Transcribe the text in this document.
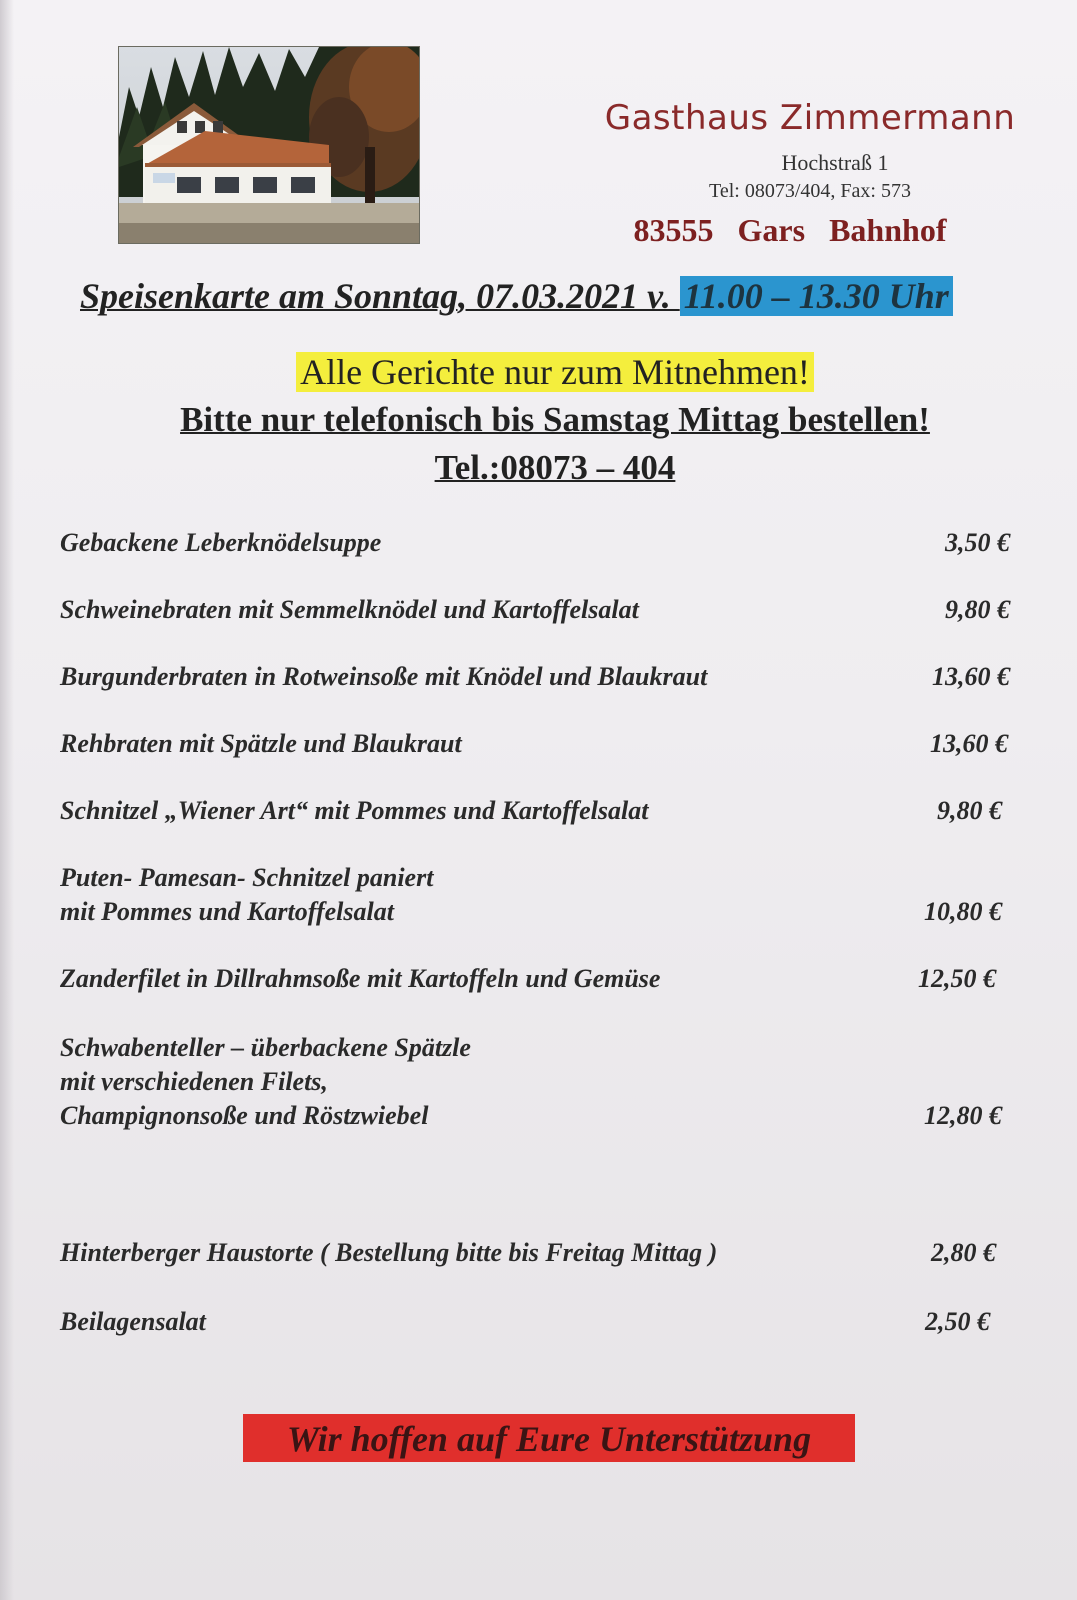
Gasthaus Zimmermann
Hochstraß 1
Tel: 08073/404, Fax: 573
83555 Gars Bahnhof
Speisenkarte am Sonntag, 07.03.2021 v. 11.00 – 13.30 Uhr
Alle Gerichte nur zum Mitnehmen!
Bitte nur telefonisch bis Samstag Mittag bestellen!
Tel.:08073 – 404
Gebackene Leberknödelsuppe	3,50 €
Schweinebraten mit Semmelknödel und Kartoffelsalat	9,80 €
Burgunderbraten in Rotweinsoße mit Knödel und Blaukraut	13,60 €
Rehbraten mit Spätzle und Blaukraut	13,60 €
Schnitzel „Wiener Art“ mit Pommes und Kartoffelsalat	9,80 €
Puten- Pamesan- Schnitzel paniert
mit Pommes und Kartoffelsalat	10,80 €
Zanderfilet in Dillrahmsoße mit Kartoffeln und Gemüse	12,50 €
Schwabenteller – überbackene Spätzle
mit verschiedenen Filets,
Champignonsoße und Röstzwiebel	12,80 €
Hinterberger Haustorte ( Bestellung bitte bis Freitag Mittag )	2,80 €
Beilagensalat	2,50 €
Wir hoffen auf Eure Unterstützung
